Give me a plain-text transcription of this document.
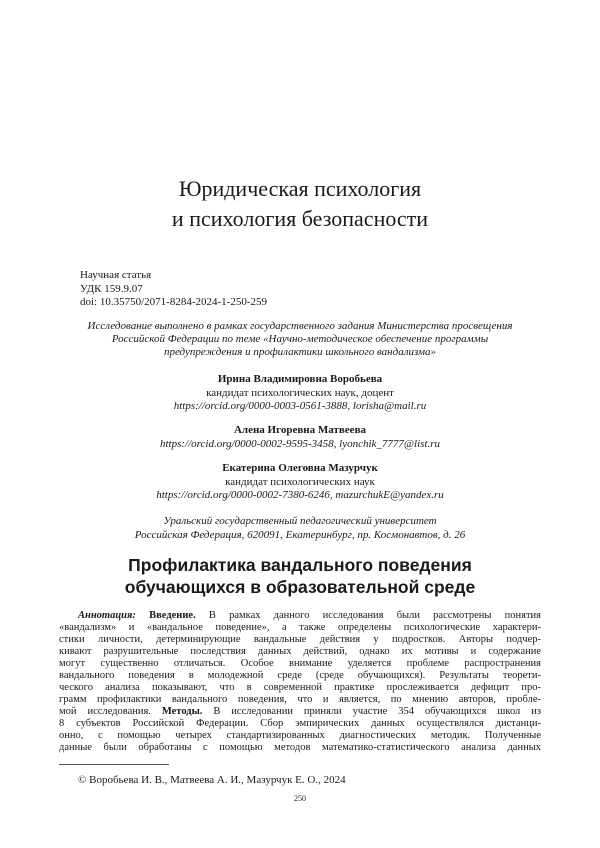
Юридическая психология
и психология безопасности
Научная статья
УДК 159.9.07
doi: 10.35750/2071-8284-2024-1-250-259
Исследование выполнено в рамках государственного задания Министерства просвещения
Российской Федерации по теме «Научно-методическое обеспечение программы
предупреждения и профилактики школьного вандализма»
Ирина Владимировна Воробьева
кандидат психологических наук, доцент
https://orcid.org/0000-0003-0561-3888, lorisha@mail.ru
Алена Игоревна Матвеева
https://orcid.org/0000-0002-9595-3458, lyonchik_7777@list.ru
Екатерина Олеговна Мазурчук
кандидат психологических наук
https://orcid.org/0000-0002-7380-6246, mazurchukE@yandex.ru
Уральский государственный педагогический университет
Российская Федерация, 620091, Екатеринбург, пр. Космонавтов, д. 26
Профилактика вандального поведения
обучающихся в образовательной среде
Аннотация: Введение. В рамках данного исследования были рассмотрены понятия
«вандализм» и «вандальное поведение», а также определены психологические характери-
стики личности, детерминирующие вандальные действия у подростков. Авторы подчер-
кивают разрушительные последствия данных действий, однако их мотивы и содержание
могут существенно отличаться. Особое внимание уделяется проблеме распространения
вандального поведения в молодежной среде (среде обучающихся). Результаты теорети-
ческого анализа показывают, что в современной практике прослеживается дефицит про-
грамм профилактики вандального поведения, что и является, по мнению авторов, пробле-
мой исследования. Методы. В исследовании приняли участие 354 обучающихся школ из
8 субъектов Российской Федерации. Сбор эмпирических данных осуществлялся дистанци-
онно, с помощью четырех стандартизированных диагностических методик. Полученные
данные были обработаны с помощью методов математико-статистического анализа данных
© Воробьева И. В., Матвеева А. И., Мазурчук Е. О., 2024
250
